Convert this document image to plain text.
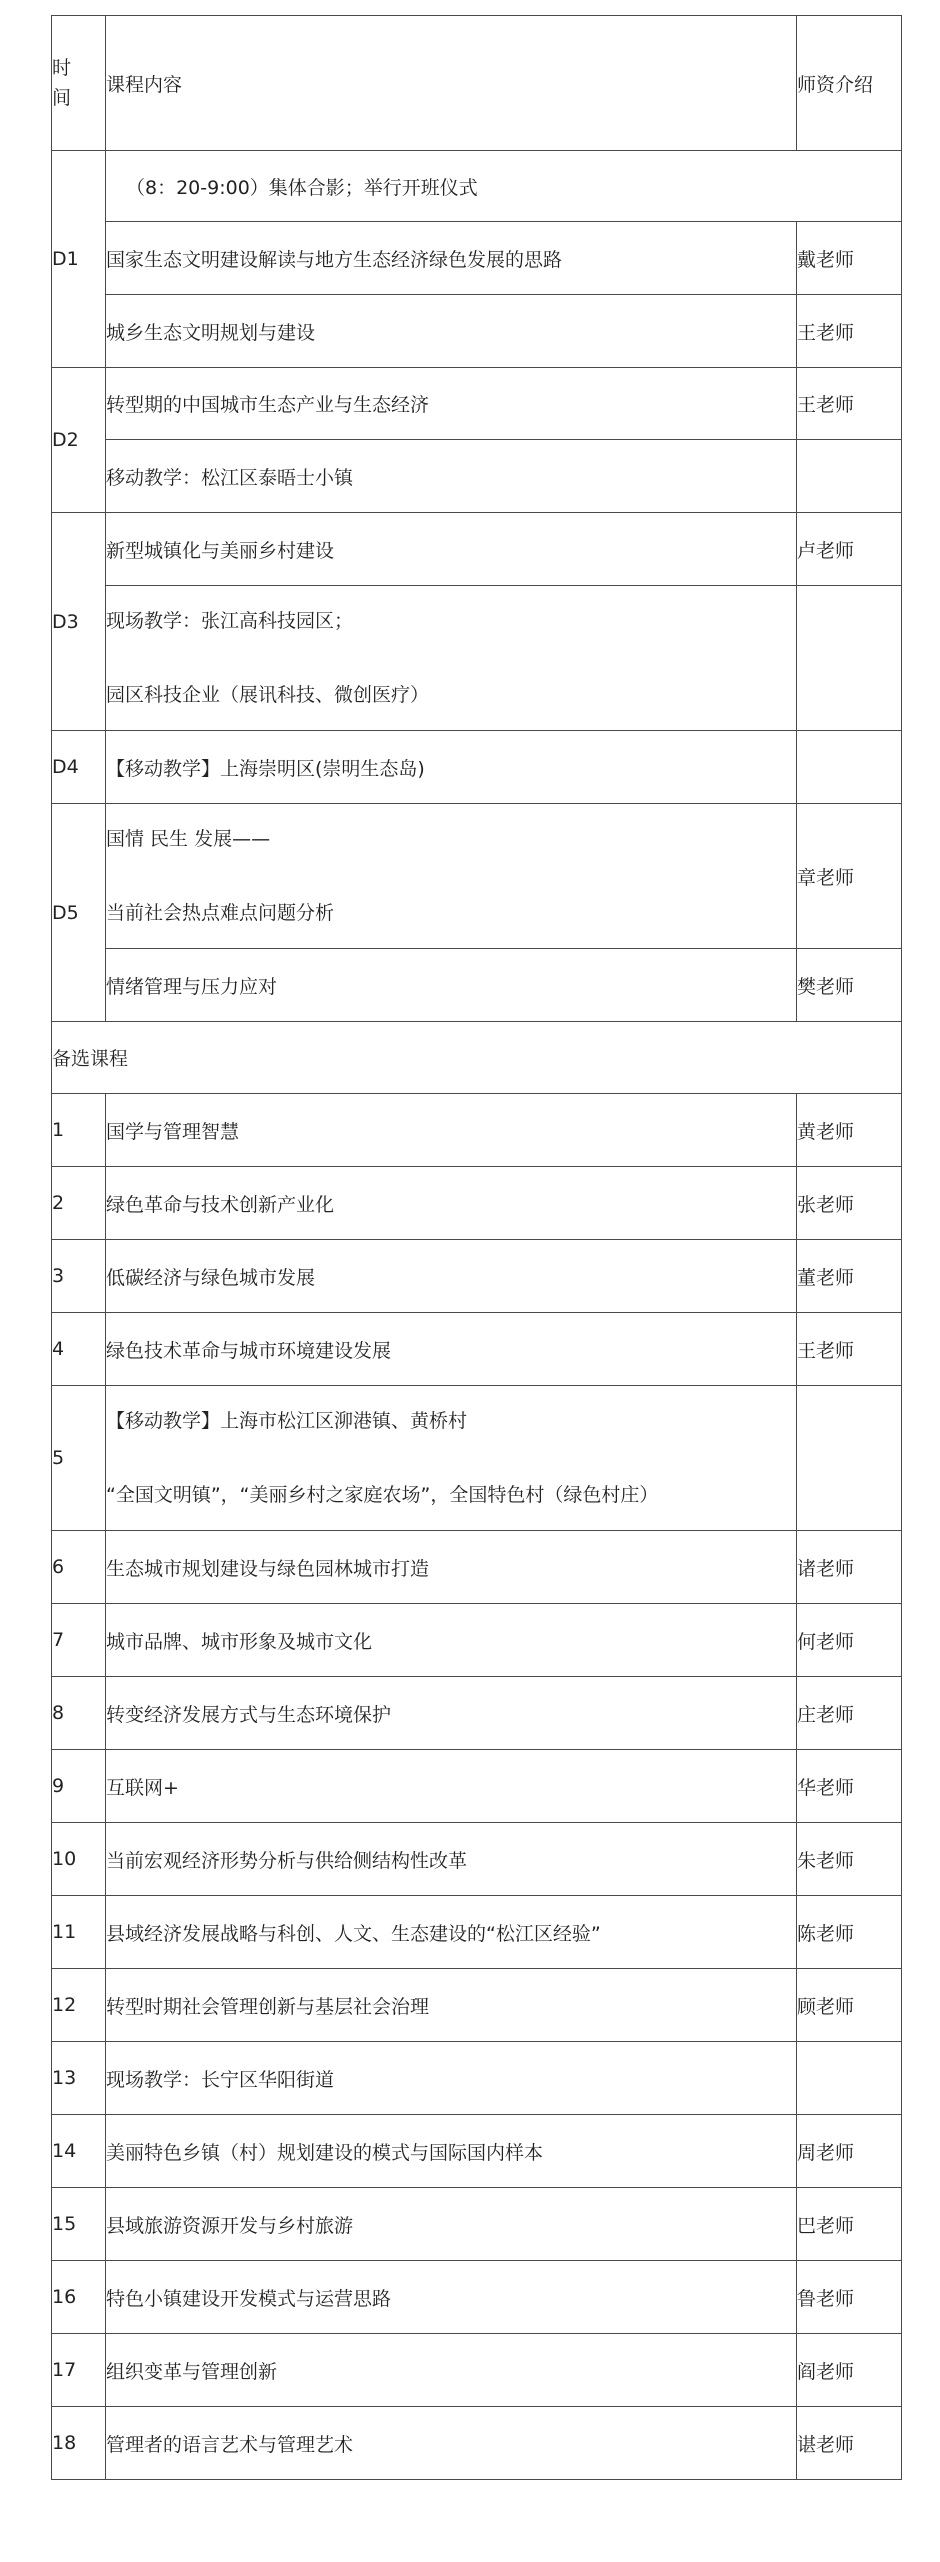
时
间	课程内容	师资介绍
D1	（8：20-9:00）集体合影；举行开班仪式	
	国家生态文明建设解读与地方生态经济绿色发展的思路	戴老师
	城乡生态文明规划与建设	王老师
D2	转型期的中国城市生态产业与生态经济	王老师
	移动教学：松江区泰晤士小镇	
D3	新型城镇化与美丽乡村建设	卢老师

	现场教学：张江高科技园区；
园区科技企业（展讯科技、微创医疗）	

D4	【移动教学】上海崇明区(崇明生态岛)	
D5	国情 民生 发展——
当前社会热点难点问题分析	章老师
	情绪管理与压力应对	樊老师
备选课程		
1	国学与管理智慧	黄老师
2	绿色革命与技术创新产业化	张老师
3	低碳经济与绿色城市发展	董老师
4	绿色技术革命与城市环境建设发展	王老师
5	【移动教学】上海市松江区泖港镇、黄桥村
“全国文明镇”，“美丽乡村之家庭农场”，全国特色村（绿色村庄）	

6	生态城市规划建设与绿色园林城市打造	诸老师
7	城市品牌、城市形象及城市文化	何老师
8	转变经济发展方式与生态环境保护	庄老师
9	互联网+	华老师
10	当前宏观经济形势分析与供给侧结构性改革	朱老师
11	县域经济发展战略与科创、人文、生态建设的“松江区经验”	陈老师
12	转型时期社会管理创新与基层社会治理	顾老师
13	现场教学：长宁区华阳街道	
14	美丽特色乡镇（村）规划建设的模式与国际国内样本	周老师
15	县域旅游资源开发与乡村旅游	巴老师
16	特色小镇建设开发模式与运营思路	鲁老师
17	组织变革与管理创新	阎老师
18	管理者的语言艺术与管理艺术	谌老师
